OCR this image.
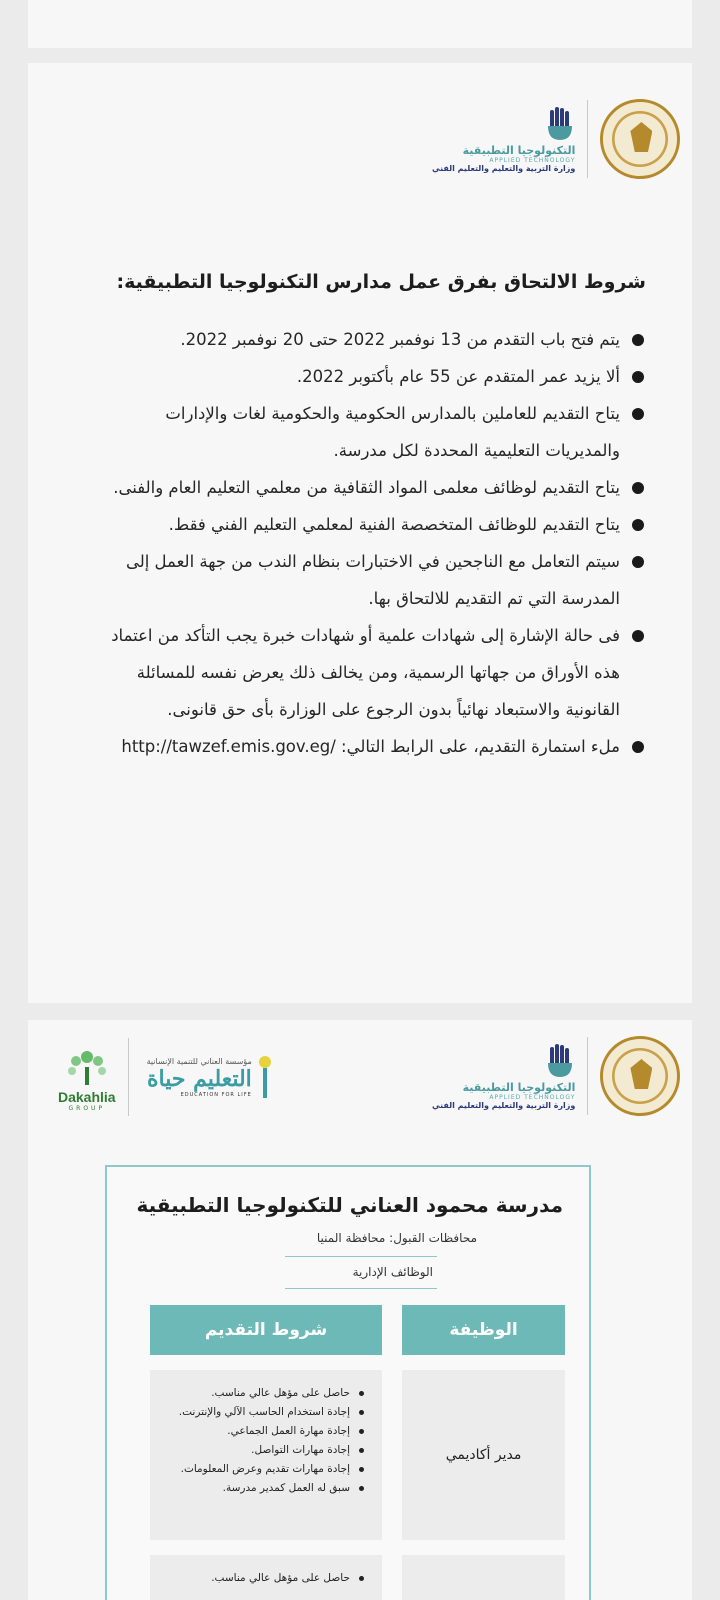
التكنولوجيا التطبيقية
APPLIED TECHNOLOGY
وزارة التربية والتعليم والتعليم الفني
شروط الالتحاق بفرق عمل مدارس التكنولوجيا التطبيقية:
يتم فتح باب التقدم من 13 نوفمبر 2022 حتى 20 نوفمبر 2022.
ألا يزيد عمر المتقدم عن 55 عام بأكتوبر 2022.
يتاح التقديم للعاملين بالمدارس الحكومية والحكومية لغات والإدارات والمديريات التعليمية المحددة لكل مدرسة.
يتاح التقديم لوظائف معلمى المواد الثقافية من معلمي التعليم العام والفنى.
يتاح التقديم للوظائف المتخصصة الفنية لمعلمي التعليم الفني فقط.
سيتم التعامل مع الناجحين في الاختبارات بنظام الندب من جهة العمل إلى المدرسة التي تم التقديم للالتحاق بها.
فى حالة الإشارة إلى شهادات علمية أو شهادات خبرة يجب التأكد من اعتماد هذه الأوراق من جهاتها الرسمية، ومن يخالف ذلك يعرض نفسه للمسائلة القانونية والاستبعاد نهائياً بدون الرجوع على الوزارة بأى حق قانونى.
ملء استمارة التقديم، على الرابط التالي: http://tawzef.emis.gov.eg/
التكنولوجيا التطبيقية
APPLIED TECHNOLOGY
وزارة التربية والتعليم والتعليم الفني
Dakahlia
GROUP
مؤسسة العناني للتنمية الإنسانية
التعليم حياة
EDUCATION FOR LIFE
مدرسة محمود العناني للتكنولوجيا التطبيقية
محافظات القبول: محافظة المنيا
الوظائف الإدارية
الوظيفة
شروط التقديم
مدير أكاديمي
حاصل على مؤهل عالي مناسب.
إجادة استخدام الحاسب الآلي والإنترنت.
إجادة مهارة العمل الجماعي.
إجادة مهارات التواصل.
إجادة مهارات تقديم وعرض المعلومات.
سبق له العمل كمدير مدرسة.
حاصل على مؤهل عالي مناسب.
